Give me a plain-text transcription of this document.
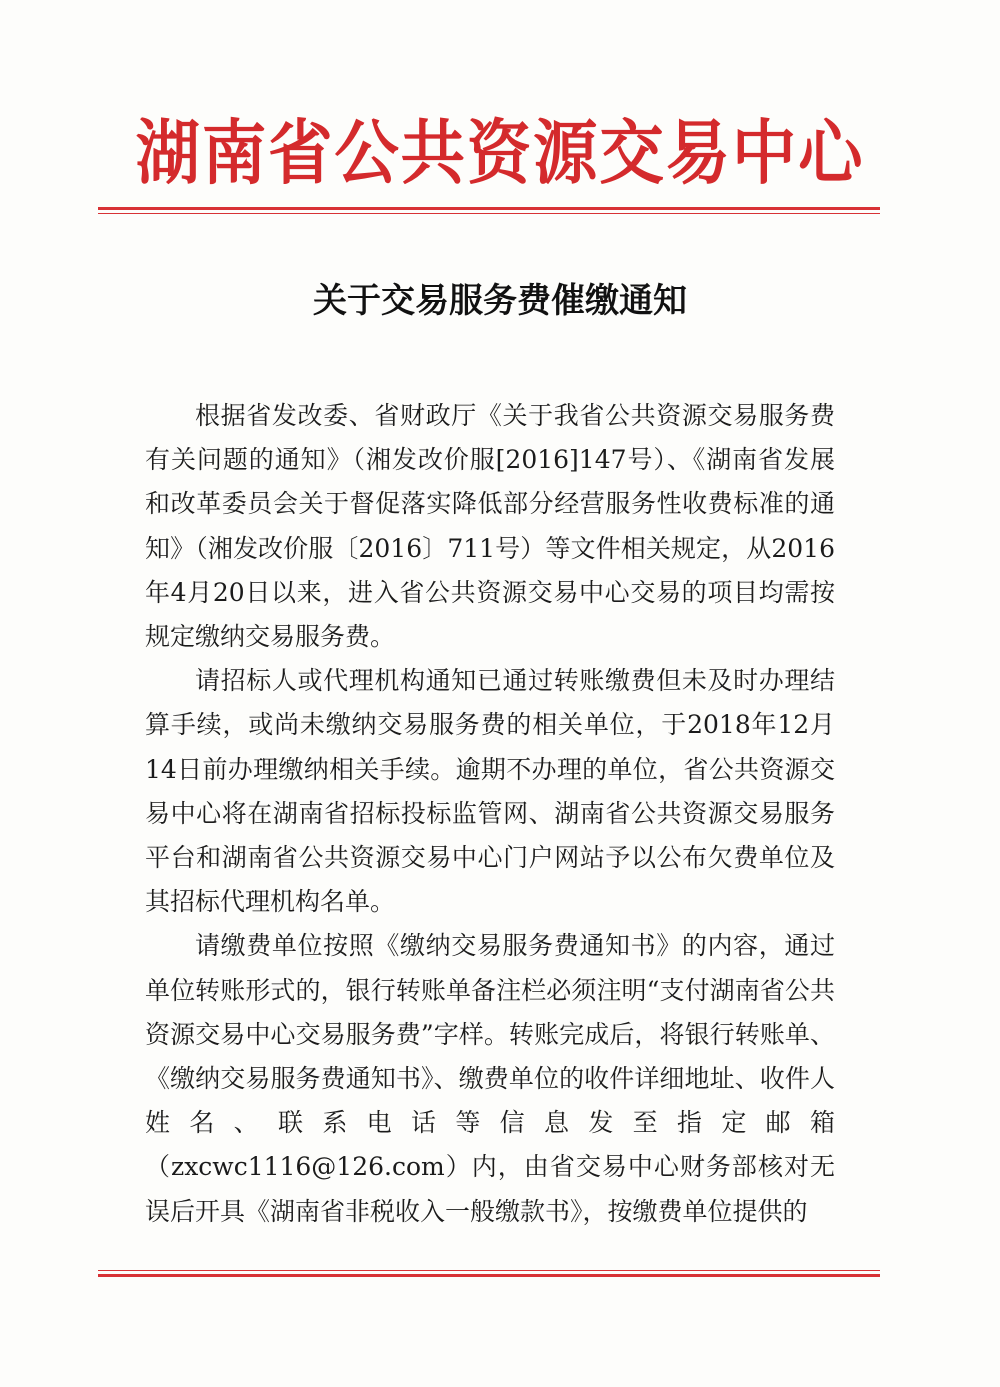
湖南省公共资源交易中心
关于交易服务费催缴通知

根据省发改委、省财政厅《关于我省公共资源交易服务费有关问题的通知》（湘发改价服[2016]147号）、《湖南省发展和改革委员会关于督促落实降低部分经营服务性收费标准的通知》（湘发改价服〔2016〕711号）等文件相关规定，从2016年4月20日以来，进入省公共资源交易中心交易的项目均需按规定缴纳交易服务费。

请招标人或代理机构通知已通过转账缴费但未及时办理结算手续，或尚未缴纳交易服务费的相关单位，于2018年12月14日前办理缴纳相关手续。逾期不办理的单位，省公共资源交易中心将在湖南省招标投标监管网、湖南省公共资源交易服务平台和湖南省公共资源交易中心门户网站予以公布欠费单位及其招标代理机构名单。

请缴费单位按照《缴纳交易服务费通知书》的内容，通过单位转账形式的，银行转账单备注栏必须注明“支付湖南省公共资源交易中心交易服务费”字样。转账完成后，将银行转账单、《缴纳交易服务费通知书》、缴费单位的收件详细地址、收件人姓名、联系电话等信息发至指定邮箱（zxcwc1116@126.com）内，由省交易中心财务部核对无误后开具《湖南省非税收入一般缴款书》，按缴费单位提供的
